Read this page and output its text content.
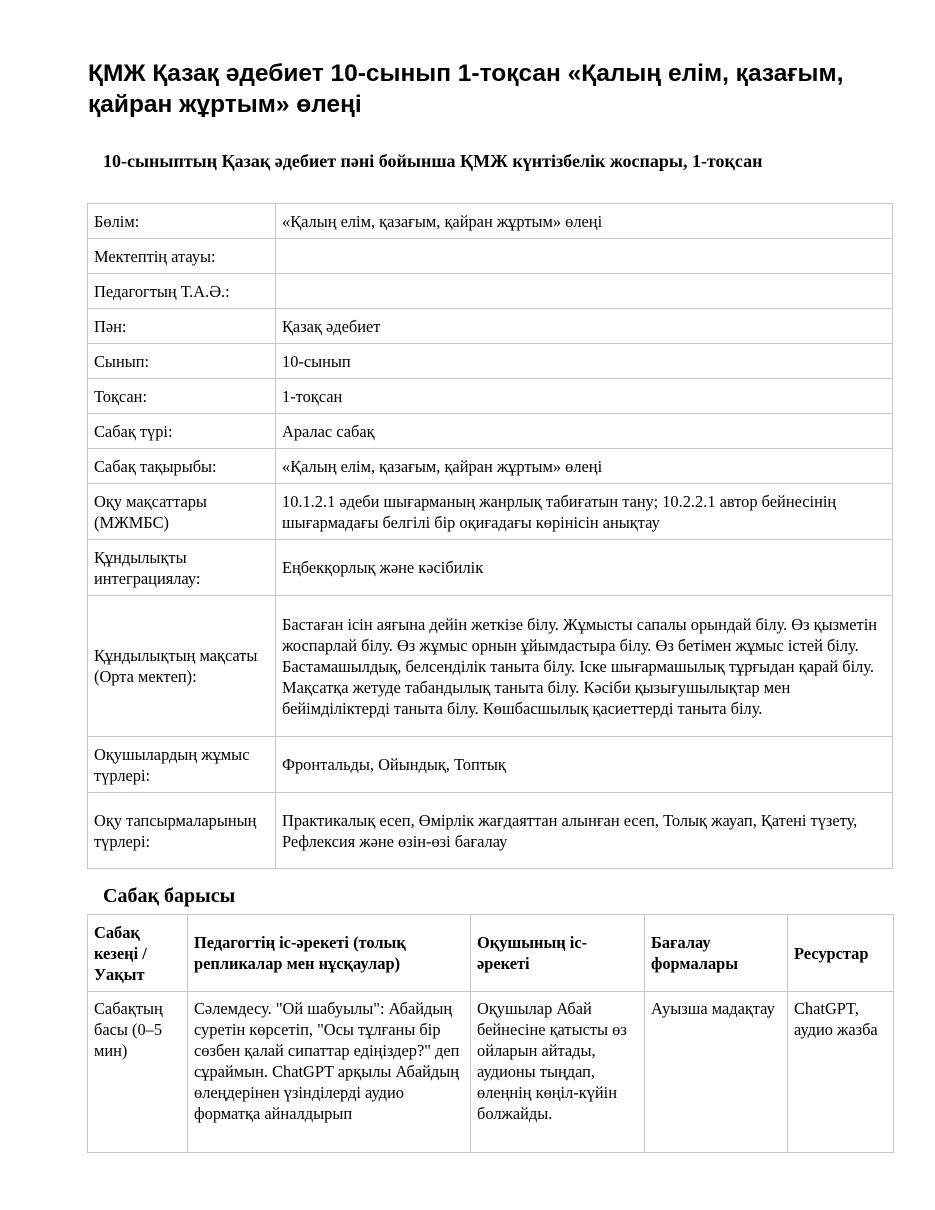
ҚМЖ Қазақ әдебиет 10-сынып 1-тоқсан «Қалың елім, қазағым, қайран жұртым» өлеңі
10-сыныптың Қазақ әдебиет пәні бойынша ҚМЖ күнтізбелік жоспары, 1-тоқсан
Бөлім:	«Қалың елім, қазағым, қайран жұртым» өлеңі
Мектептің атауы:	
Педагогтың Т.А.Ә.:	
Пән:	Қазақ әдебиет
Сынып:	10-сынып
Тоқсан:	1-тоқсан
Сабақ түрі:	Аралас сабақ
Сабақ тақырыбы:	«Қалың елім, қазағым, қайран жұртым» өлеңі
Оқу мақсаттары (МЖМБС)	10.1.2.1 әдеби шығарманың жанрлық табиғатын тану; 10.2.2.1 автор бейнесінің шығармадағы белгілі бір оқиғадағы көрінісін анықтау
Құндылықты интеграциялау:	Еңбекқорлық және кәсібилік
Құндылықтың мақсаты (Орта мектеп):	Бастаған ісін аяғына дейін жеткізе білу. Жұмысты сапалы орындай білу. Өз қызметін жоспарлай білу. Өз жұмыс орнын ұйымдастыра білу. Өз бетімен жұмыс істей білу. Бастамашылдық, белсенділік таныта білу. Іске шығармашылық тұрғыдан қарай білу. Мақсатқа жетуде табандылық таныта білу. Кәсіби қызығушылықтар мен бейімділіктерді таныта білу. Көшбасшылық қасиеттерді таныта білу.
Оқушылардың жұмыс түрлері:	Фронтальды, Ойындық, Топтық
Оқу тапсырмаларының түрлері:	Практикалық есеп, Өмірлік жағдаяттан алынған есеп, Толық жауап, Қатені түзету, Рефлексия және өзін-өзі бағалау
Сабақ барысы
Сабақ кезеңі / Уақыт	Педагогтің іс-әрекеті (толық репликалар мен нұсқаулар)	Оқушының іс-әрекеті	Бағалау формалары	Ресурстар
Сабақтың басы (0–5 мин)	Сәлемдесу. "Ой шабуылы": Абайдың суретін көрсетіп, "Осы тұлғаны бір сөзбен қалай сипаттар едіңіздер?" деп сұраймын. ChatGPT арқылы Абайдың өлеңдерінен үзінділерді аудио форматқа айналдырып	Оқушылар Абай бейнесіне қатысты өз ойларын айтады, аудионы тыңдап, өлеңнің көңіл-күйін болжайды.	Ауызша мадақтау	ChatGPT, аудио жазба
